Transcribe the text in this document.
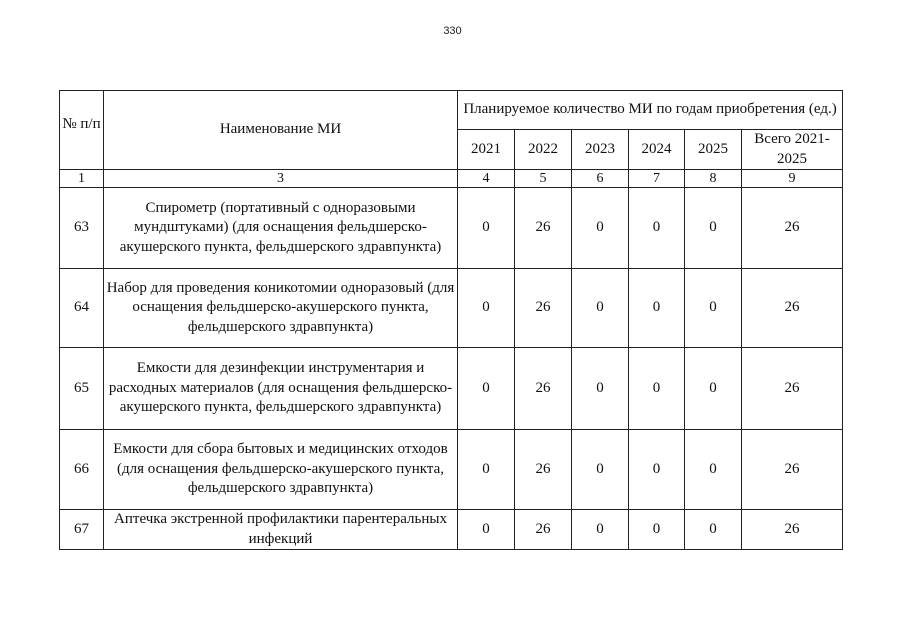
330
№ п/п	Наименование МИ	Планируемое количество МИ по годам приобретения (ед.)					
		2021	2022	2023	2024	2025	Всего 2021-2025
1	3	4	5	6	7	8	9
63	Спирометр (портативный с одноразовыми мундштуками) (для оснащения фельдшерско-акушерского пункта, фельдшерского здравпункта)	0	26	0	0	0	26
64	Набор для проведения коникотомии одноразовый (для оснащения фельдшерско-акушерского пункта, фельдшерского здравпункта)	0	26	0	0	0	26
65	Емкости для дезинфекции инструментария и расходных материалов (для оснащения фельдшерско-акушерского пункта, фельдшерского здравпункта)	0	26	0	0	0	26
66	Емкости для сбора бытовых и медицинских отходов (для оснащения фельдшерско-акушерского пункта, фельдшерского здравпункта)	0	26	0	0	0	26
67	Аптечка экстренной профилактики парентеральных инфекций	0	26	0	0	0	26
